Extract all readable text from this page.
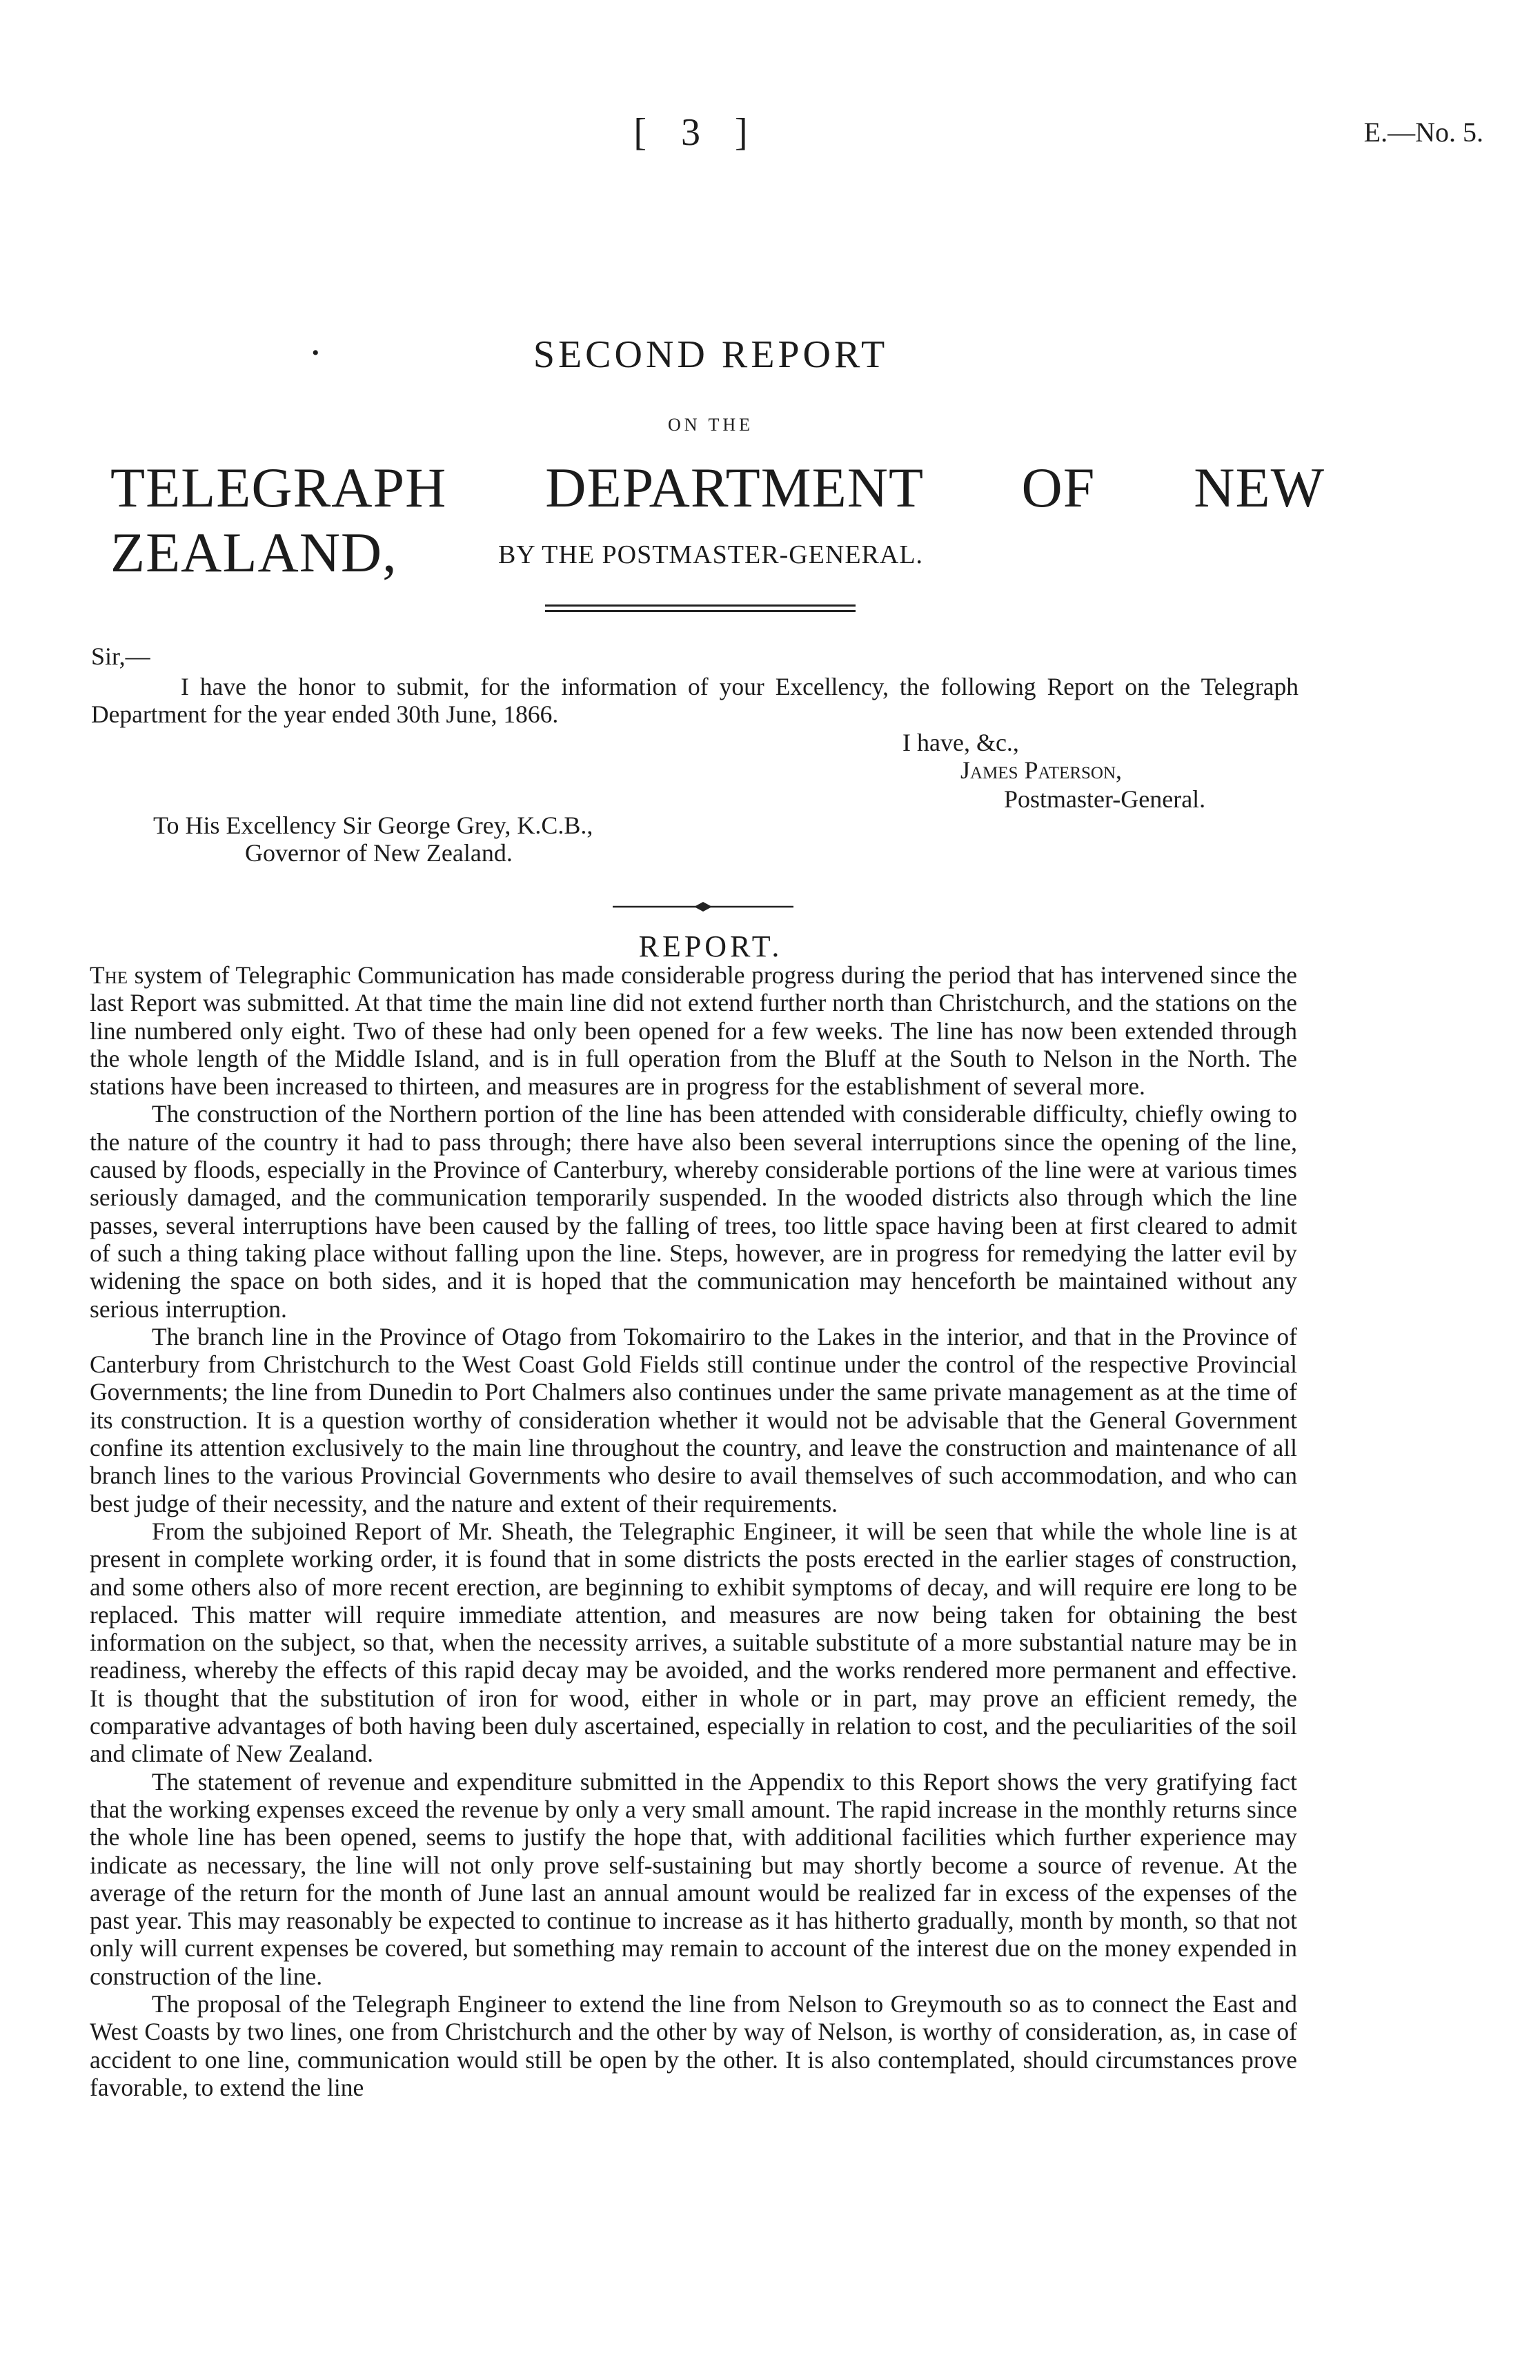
[ 3 ]	E.—No. 5.
•	SECOND REPORT
ON THE
TELEGRAPH DEPARTMENT OF NEW ZEALAND,	BY THE POSTMASTER-GENERAL.
Sir,—
I have the honor to submit, for the information of your Excellency, the following Report on the Telegraph Department for the year ended 30th June, 1866.
I have, &c.,
James Paterson,
Postmaster-General.
To His Excellency Sir George Grey, K.C.B.,
Governor of New Zealand.
REPORT.

The system of Telegraphic Communication has made considerable progress during the period that has intervened since the last Report was submitted. At that time the main line did not extend further north than Christchurch, and the stations on the line numbered only eight. Two of these had only been opened for a few weeks. The line has now been extended through the whole length of the Middle Island, and is in full operation from the Bluff at the South to Nelson in the North. The stations have been increased to thirteen, and measures are in progress for the establishment of several more.

The construction of the Northern portion of the line has been attended with considerable difficulty, chiefly owing to the nature of the country it had to pass through; there have also been several interruptions since the opening of the line, caused by floods, especially in the Province of Canterbury, whereby considerable portions of the line were at various times seriously damaged, and the communication temporarily suspended. In the wooded districts also through which the line passes, several interruptions have been caused by the falling of trees, too little space having been at first cleared to admit of such a thing taking place without falling upon the line. Steps, however, are in progress for remedying the latter evil by widening the space on both sides, and it is hoped that the communication may henceforth be maintained without any serious interruption.

The branch line in the Province of Otago from Tokomairiro to the Lakes in the interior, and that in the Province of Canterbury from Christchurch to the West Coast Gold Fields still continue under the control of the respective Provincial Governments; the line from Dunedin to Port Chalmers also continues under the same private management as at the time of its construction. It is a question worthy of consideration whether it would not be advisable that the General Government confine its attention exclusively to the main line throughout the country, and leave the construction and maintenance of all branch lines to the various Provincial Governments who desire to avail themselves of such accommodation, and who can best judge of their necessity, and the nature and extent of their requirements.

From the subjoined Report of Mr. Sheath, the Telegraphic Engineer, it will be seen that while the whole line is at present in complete working order, it is found that in some districts the posts erected in the earlier stages of construction, and some others also of more recent erection, are beginning to exhibit symptoms of decay, and will require ere long to be replaced. This matter will require immediate attention, and measures are now being taken for obtaining the best information on the subject, so that, when the necessity arrives, a suitable substitute of a more substantial nature may be in readiness, whereby the effects of this rapid decay may be avoided, and the works rendered more permanent and effective. It is thought that the substitution of iron for wood, either in whole or in part, may prove an efficient remedy, the comparative advantages of both having been duly ascertained, especially in relation to cost, and the peculiarities of the soil and climate of New Zealand.

The statement of revenue and expenditure submitted in the Appendix to this Report shows the very gratifying fact that the working expenses exceed the revenue by only a very small amount. The rapid increase in the monthly returns since the whole line has been opened, seems to justify the hope that, with additional facilities which further experience may indicate as necessary, the line will not only prove self-sustaining but may shortly become a source of revenue. At the average of the return for the month of June last an annual amount would be realized far in excess of the expenses of the past year. This may reasonably be expected to continue to increase as it has hitherto gradually, month by month, so that not only will current expenses be covered, but something may remain to account of the interest due on the money expended in construction of the line.

The proposal of the Telegraph Engineer to extend the line from Nelson to Greymouth so as to connect the East and West Coasts by two lines, one from Christchurch and the other by way of Nelson, is worthy of consideration, as, in case of accident to one line, communication would still be open by the other. It is also contemplated, should circumstances prove favorable, to extend the line
